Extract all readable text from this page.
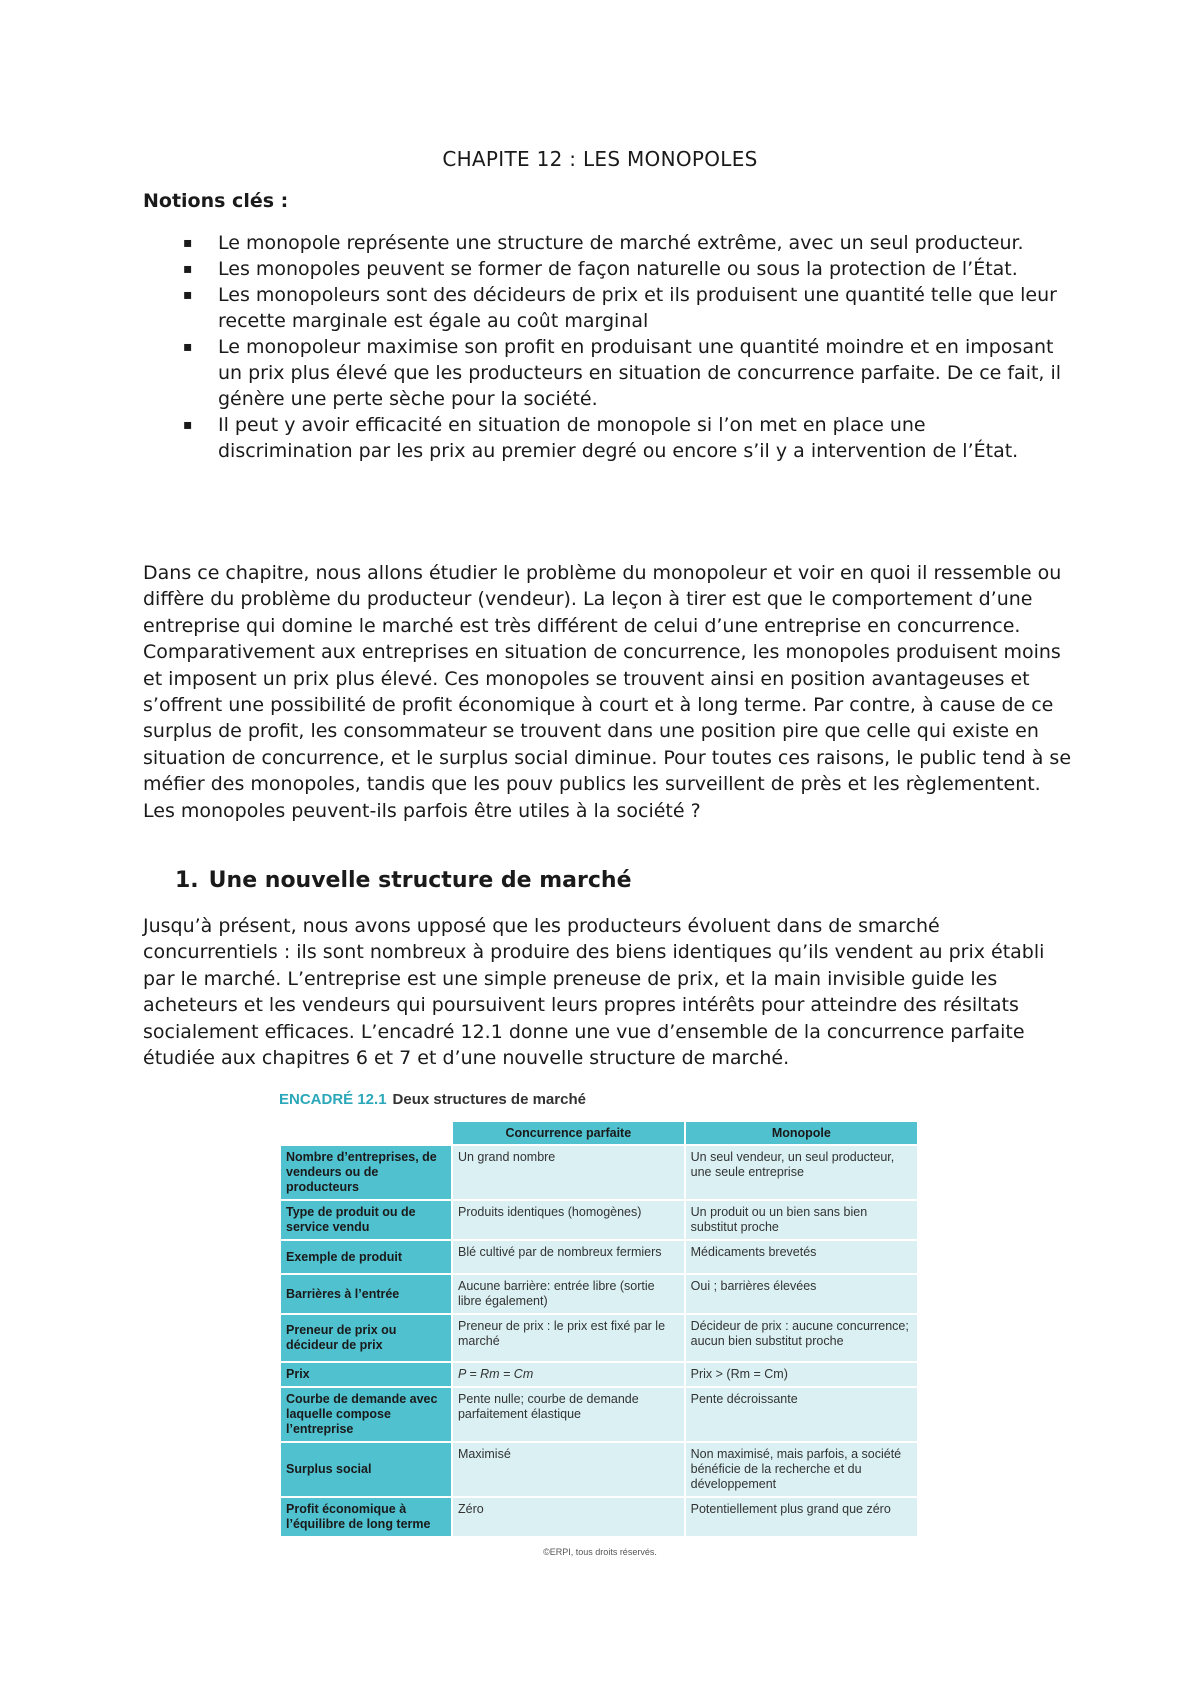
CHAPITE 12 : LES MONOPOLES
Notions clés :
▪ Le monopole représente une structure de marché extrême, avec un seul producteur.
▪ Les monopoles peuvent se former de façon naturelle ou sous la protection de l’État.
▪ Les monopoleurs sont des décideurs de prix et ils produisent une quantité telle que leur recette marginale est égale au coût marginal
▪ Le monopoleur maximise son profit en produisant une quantité moindre et en imposant un prix plus élevé que les producteurs en situation de concurrence parfaite. De ce fait, il génère une perte sèche pour la société.
▪ Il peut y avoir efficacité en situation de monopole si l’on met en place une discrimination par les prix au premier degré ou encore s’il y a intervention de l’État.

Dans ce chapitre, nous allons étudier le problème du monopoleur et voir en quoi il ressemble ou diffère du problème du producteur (vendeur). La leçon à tirer est que le comportement d’une entreprise qui domine le marché est très différent de celui d’une entreprise en concurrence. Comparativement aux entreprises en situation de concurrence, les monopoles produisent moins et imposent un prix plus élevé. Ces monopoles se trouvent ainsi en position avantageuses et s’offrent une possibilité de profit économique à court et à long terme. Par contre, à cause de ce surplus de profit, les consommateur se trouvent dans une position pire que celle qui existe en situation de concurrence, et le surplus social diminue. Pour toutes ces raisons, le public tend à se méfier des monopoles, tandis que les pouv publics les surveillent de près et les règlementent. Les monopoles peuvent-ils parfois être utiles à la société ?

1. Une nouvelle structure de marché

Jusqu’à présent, nous avons upposé que les producteurs évoluent dans de smarché concurrentiels : ils sont nombreux à produire des biens identiques qu’ils vendent au prix établi par le marché. L’entreprise est une simple preneuse de prix, et la main invisible guide les acheteurs et les vendeurs qui poursuivent leurs propres intérêts pour atteindre des résiltats socialement efficaces. L’encadré 12.1 donne une vue d’ensemble de la concurrence parfaite étudiée aux chapitres 6 et 7 et d’une nouvelle structure de marché.

ENCADRÉ 12.1 Deux structures de marché
	Concurrence parfaite	Monopole
Nombre d’entreprises, de vendeurs ou de producteurs	Un grand nombre	Un seul vendeur, un seul producteur, une seule entreprise
Type de produit ou de service vendu	Produits identiques (homogènes)	Un produit ou un bien sans bien substitut proche
Exemple de produit	Blé cultivé par de nombreux fermiers	Médicaments brevetés
Barrières à l’entrée	Aucune barrière: entrée libre (sortie libre également)	Oui ; barrières élevées
Preneur de prix ou décideur de prix	Preneur de prix : le prix est fixé par le marché	Décideur de prix : aucune concurrence; aucun bien substitut proche
Prix	P = Rm = Cm	Prix > (Rm = Cm)
Courbe de demande avec laquelle compose l’entreprise	Pente nulle; courbe de demande parfaitement élastique	Pente décroissante
Surplus social	Maximisé	Non maximisé, mais parfois, a société bénéficie de la recherche et du développement
Profit économique à l’équilibre de long terme	Zéro	Potentiellement plus grand que zéro
©ERPI, tous droits réservés.
